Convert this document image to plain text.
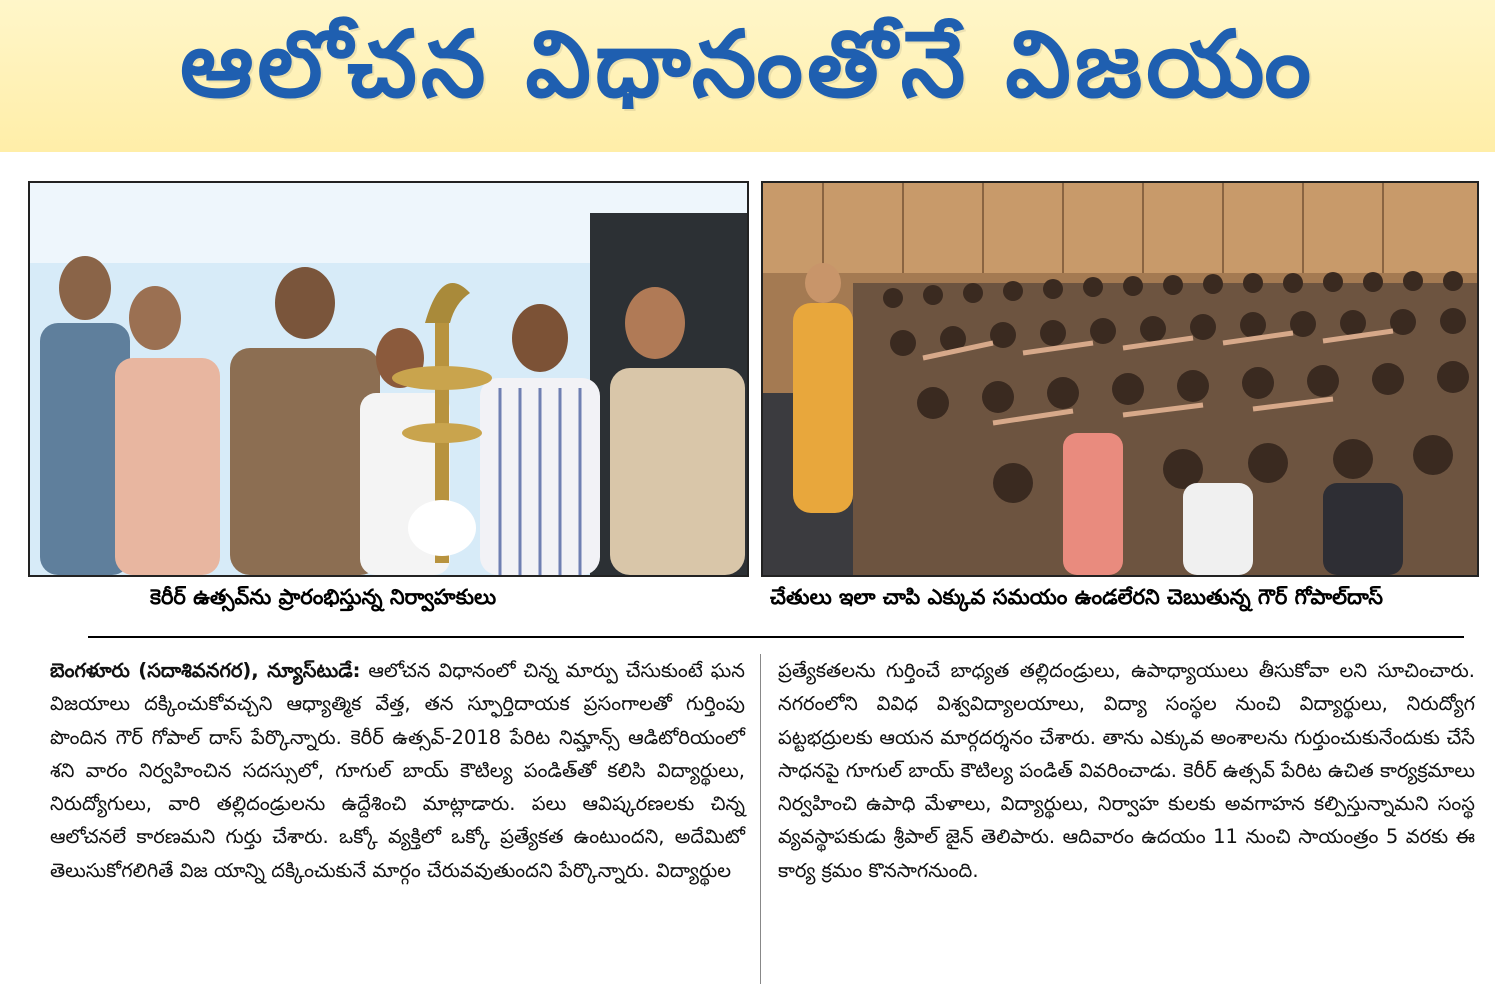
ఆలోచన విధానంతోనే విజయం
కెరీర్ ఉత్సవ్‌ను ప్రారంభిస్తున్న నిర్వాహకులు	చేతులు ఇలా చాపి ఎక్కువ సమయం ఉండలేరని చెబుతున్న గౌర్ గోపాల్‌దాస్

బెంగళూరు (సదాశివనగర), న్యూస్‌టుడే: ఆలోచన విధానంలో చిన్న మార్పు చేసుకుంటే ఘన విజయాలు దక్కించుకోవచ్చని ఆధ్యాత్మిక వేత్త, తన స్ఫూర్తిదాయక ప్రసంగాలతో గుర్తింపు పొందిన గౌర్ గోపాల్ దాస్ పేర్కొన్నారు. కెరీర్ ఉత్సవ్-2018 పేరిట నిమ్హాన్స్ ఆడిటోరియంలో శని వారం నిర్వహించిన సదస్సులో, గూగుల్ బాయ్ కౌటిల్య పండిత్‌తో కలిసి విద్యార్థులు, నిరుద్యోగులు, వారి తల్లిదండ్రులను ఉద్దేశించి మాట్లాడారు. పలు ఆవిష్కరణలకు చిన్న ఆలోచనలే కారణమని గుర్తు చేశారు. ఒక్కో వ్యక్తిలో ఒక్కో ప్రత్యేకత ఉంటుందని, అదేమిటో తెలుసుకోగలిగితే విజ యాన్ని దక్కించుకునే మార్గం చేరువవుతుందని పేర్కొన్నారు. విద్యార్థుల

ప్రత్యేకతలను గుర్తించే బాధ్యత తల్లిదండ్రులు, ఉపాధ్యాయులు తీసుకోవా లని సూచించారు. నగరంలోని వివిధ విశ్వవిద్యాలయాలు, విద్యా సంస్థల నుంచి విద్యార్థులు, నిరుద్యోగ పట్టభద్రులకు ఆయన మార్గదర్శనం చేశారు. తాను ఎక్కువ అంశాలను గుర్తుంచుకునేందుకు చేసే సాధనపై గూగుల్ బాయ్ కౌటిల్య పండిత్ వివరించాడు. కెరీర్ ఉత్సవ్ పేరిట ఉచిత కార్యక్రమాలు నిర్వహించి ఉపాధి మేళాలు, విద్యార్థులు, నిర్వాహ కులకు అవగాహన కల్పిస్తున్నామని సంస్థ వ్యవస్థాపకుడు శ్రీపాల్ జైన్ తెలిపారు. ఆదివారం ఉదయం 11 నుంచి సాయంత్రం 5 వరకు ఈ కార్య క్రమం కొనసాగనుంది.
